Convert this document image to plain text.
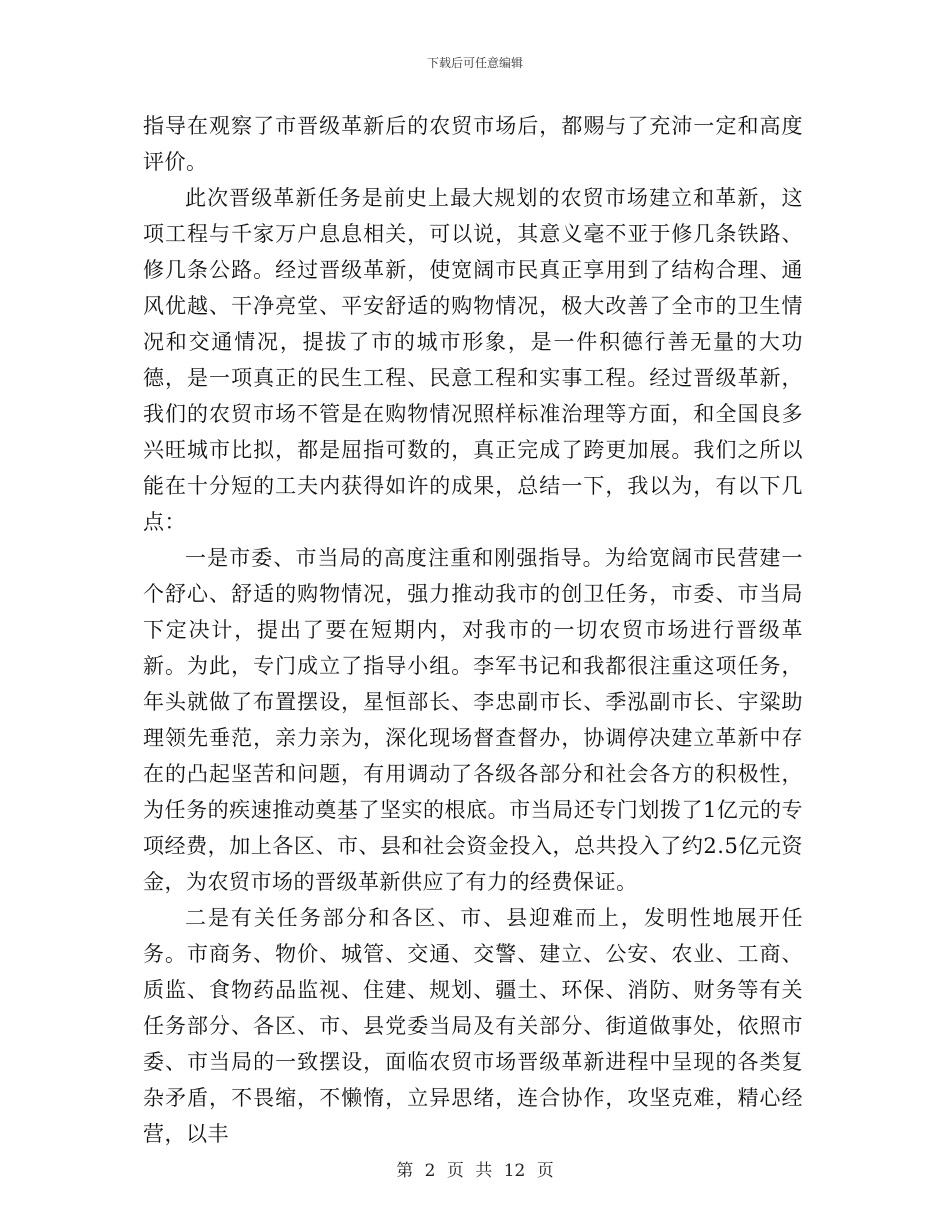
下载后可任意编辑

指导在观察了市晋级革新后的农贸市场后，都赐与了充沛一定和高度评价。

此次晋级革新任务是前史上最大规划的农贸市场建立和革新，这项工程与千家万户息息相关，可以说，其意义毫不亚于修几条铁路、修几条公路。经过晋级革新，使宽阔市民真正享用到了结构合理、通风优越、干净亮堂、平安舒适的购物情况，极大改善了全市的卫生情况和交通情况，提拔了市的城市形象，是一件积德行善无量的大功德，是一项真正的民生工程、民意工程和实事工程。经过晋级革新，我们的农贸市场不管是在购物情况照样标准治理等方面，和全国良多兴旺城市比拟，都是屈指可数的，真正完成了跨更加展。我们之所以能在十分短的工夫内获得如许的成果，总结一下，我以为，有以下几点：

一是市委、市当局的高度注重和刚强指导。为给宽阔市民营建一个舒心、舒适的购物情况，强力推动我市的创卫任务，市委、市当局下定决计，提出了要在短期内，对我市的一切农贸市场进行晋级革新。为此，专门成立了指导小组。李军书记和我都很注重这项任务，年头就做了布置摆设，星恒部长、李忠副市长、季泓副市长、宇粱助理领先垂范，亲力亲为，深化现场督查督办，协调停决建立革新中存在的凸起坚苦和问题，有用调动了各级各部分和社会各方的积极性，为任务的疾速推动奠基了坚实的根底。市当局还专门划拨了1亿元的专项经费，加上各区、市、县和社会资金投入，总共投入了约2.5亿元资金，为农贸市场的晋级革新供应了有力的经费保证。

二是有关任务部分和各区、市、县迎难而上，发明性地展开任务。市商务、物价、城管、交通、交警、建立、公安、农业、工商、质监、食物药品监视、住建、规划、疆土、环保、消防、财务等有关任务部分、各区、市、县党委当局及有关部分、街道做事处，依照市委、市当局的一致摆设，面临农贸市场晋级革新进程中呈现的各类复杂矛盾，不畏缩，不懒惰，立异思绪，连合协作，攻坚克难，精心经营，以丰

第 2 页 共 12 页
